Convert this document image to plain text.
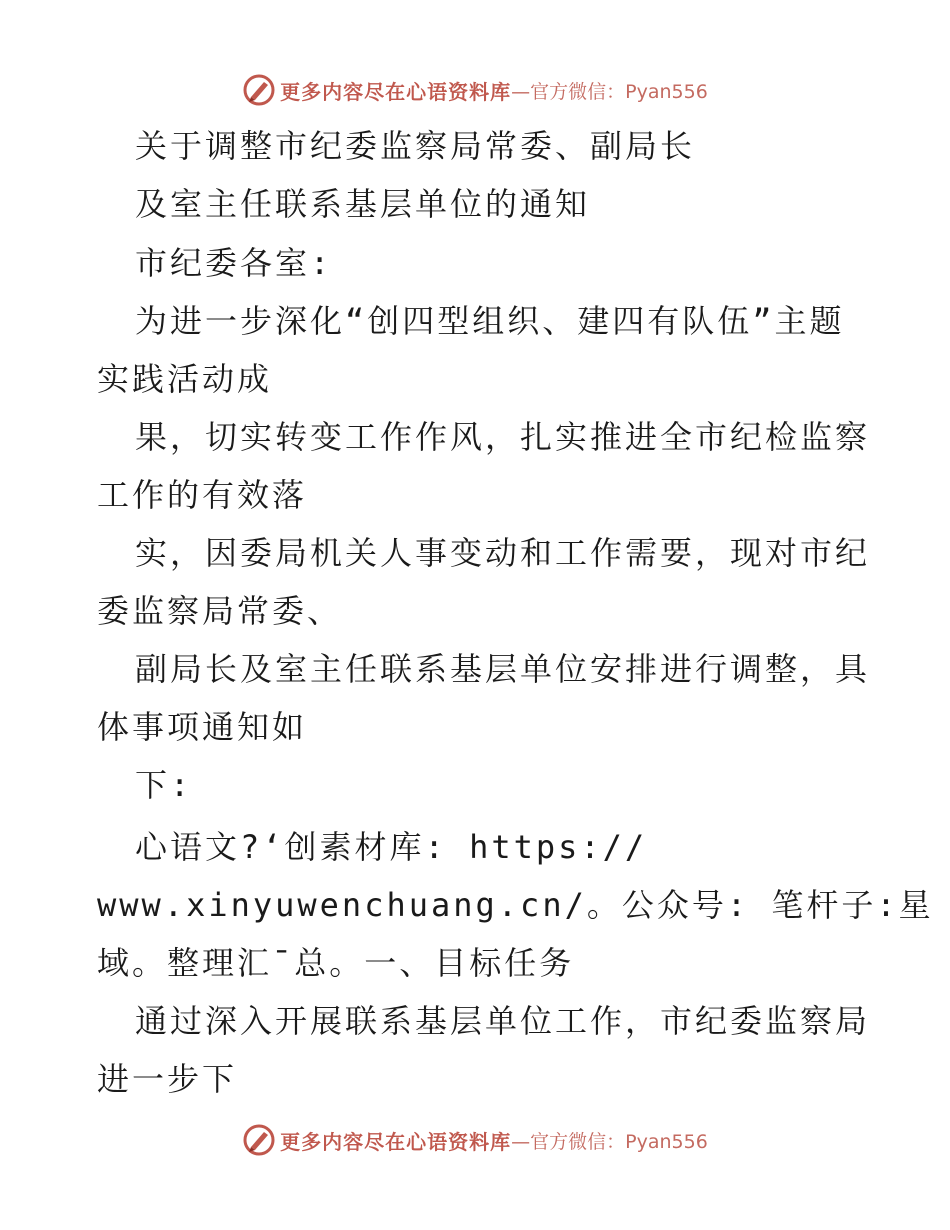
更多内容尽在心语资料库 —官方微信：Pyan556
关于调整市纪委监察局常委、副局长
及室主任联系基层单位的通知
市纪委各室:
为进一步深化“创四型组织、建四有队伍”主题
实践活动成
果，切实转变工作作风，扎实推进全市纪检监察
工作的有效落
实，因委局机关人事变动和工作需要，现对市纪
委监察局常委、
副局长及室主任联系基层单位安排进行调整，具
体事项通知如
下:
心语文?‘创素材库: https://
www.xinyuwenchuang.cn/。公众号: 笔杆子:星
域。整理汇¯总。一、目标任务
通过深入开展联系基层单位工作，市纪委监察局
进一步下
更多内容尽在心语资料库 —官方微信：Pyan556
